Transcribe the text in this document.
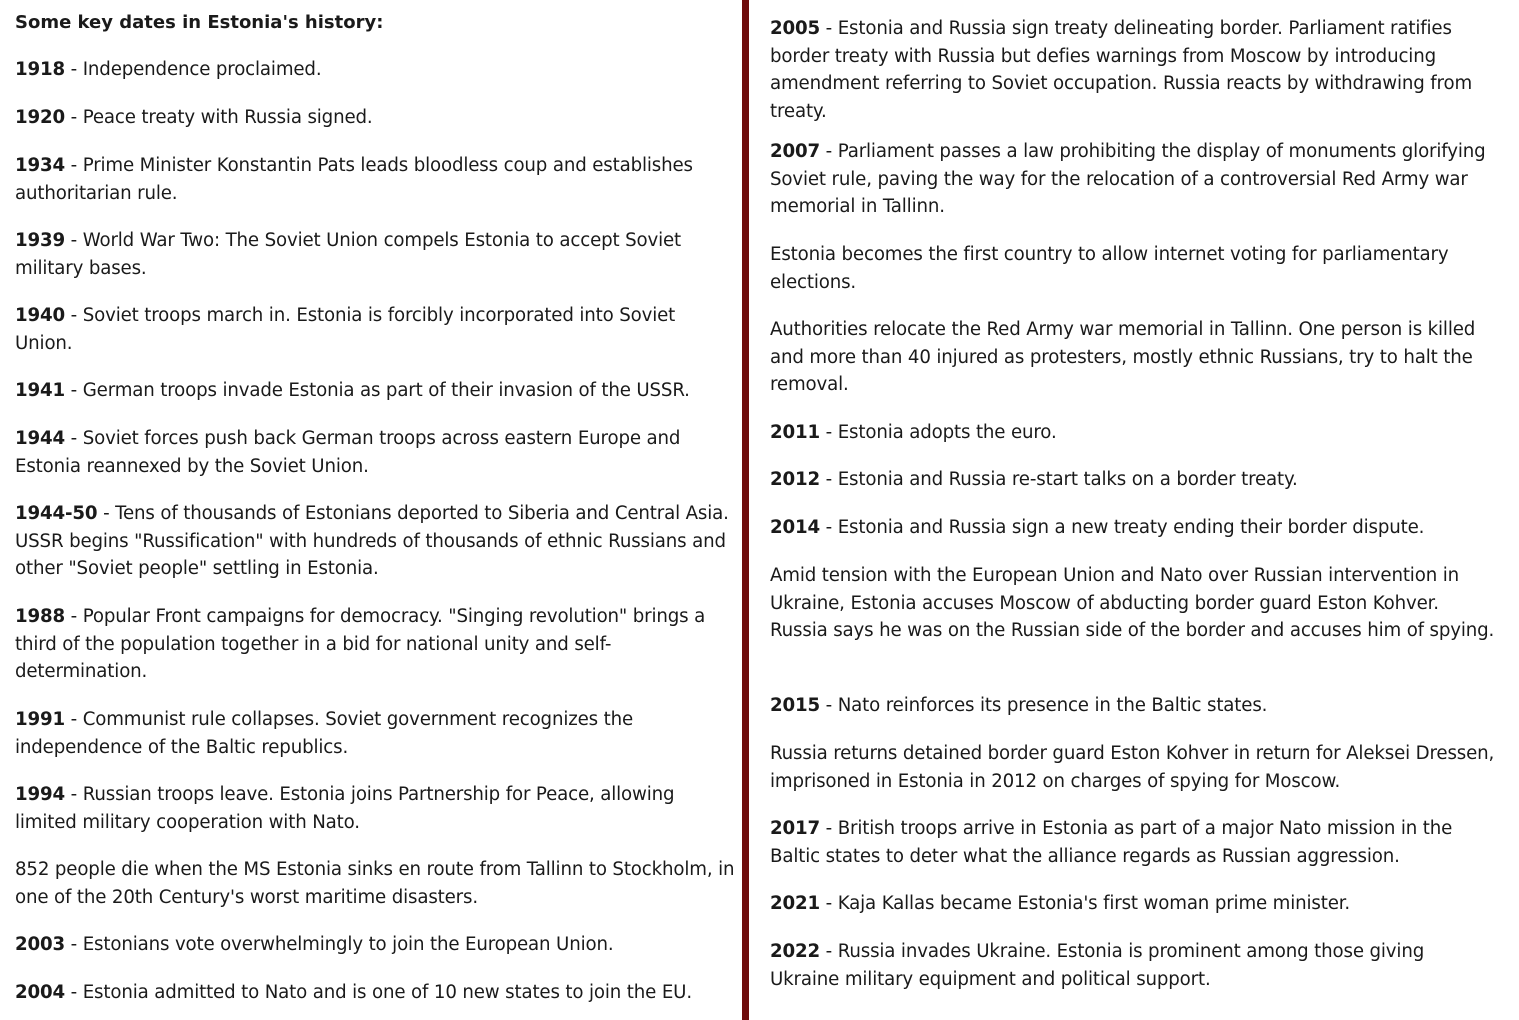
Some key dates in Estonia's history:

1918 - Independence proclaimed.

1920 - Peace treaty with Russia signed.

1934 - Prime Minister Konstantin Pats leads bloodless coup and establishes authoritarian rule.

1939 - World War Two: The Soviet Union compels Estonia to accept Soviet military bases.

1940 - Soviet troops march in. Estonia is forcibly incorporated into Soviet Union.

1941 - German troops invade Estonia as part of their invasion of the USSR.

1944 - Soviet forces push back German troops across eastern Europe and Estonia reannexed by the Soviet Union.

1944-50 - Tens of thousands of Estonians deported to Siberia and Central Asia. USSR begins "Russification" with hundreds of thousands of ethnic Russians and other "Soviet people" settling in Estonia.

1988 - Popular Front campaigns for democracy. "Singing revolution" brings a third of the population together in a bid for national unity and self-determination.

1991 - Communist rule collapses. Soviet government recognizes the independence of the Baltic republics.

1994 - Russian troops leave. Estonia joins Partnership for Peace, allowing limited military cooperation with Nato.

852 people die when the MS Estonia sinks en route from Tallinn to Stockholm, in one of the 20th Century's worst maritime disasters.

2003 - Estonians vote overwhelmingly to join the European Union.

2004 - Estonia admitted to Nato and is one of 10 new states to join the EU.

2005 - Estonia and Russia sign treaty delineating border. Parliament ratifies border treaty with Russia but defies warnings from Moscow by introducing amendment referring to Soviet occupation. Russia reacts by withdrawing from treaty.

2007 - Parliament passes a law prohibiting the display of monuments glorifying Soviet rule, paving the way for the relocation of a controversial Red Army war memorial in Tallinn.

Estonia becomes the first country to allow internet voting for parliamentary elections.

Authorities relocate the Red Army war memorial in Tallinn. One person is killed and more than 40 injured as protesters, mostly ethnic Russians, try to halt the removal.

2011 - Estonia adopts the euro.

2012 - Estonia and Russia re-start talks on a border treaty.

2014 - Estonia and Russia sign a new treaty ending their border dispute.

Amid tension with the European Union and Nato over Russian intervention in Ukraine, Estonia accuses Moscow of abducting border guard Eston Kohver. Russia says he was on the Russian side of the border and accuses him of spying.

2015 - Nato reinforces its presence in the Baltic states.

Russia returns detained border guard Eston Kohver in return for Aleksei Dressen, imprisoned in Estonia in 2012 on charges of spying for Moscow.

2017 - British troops arrive in Estonia as part of a major Nato mission in the Baltic states to deter what the alliance regards as Russian aggression.

2021 - Kaja Kallas became Estonia's first woman prime minister.

2022 - Russia invades Ukraine. Estonia is prominent among those giving Ukraine military equipment and political support.
